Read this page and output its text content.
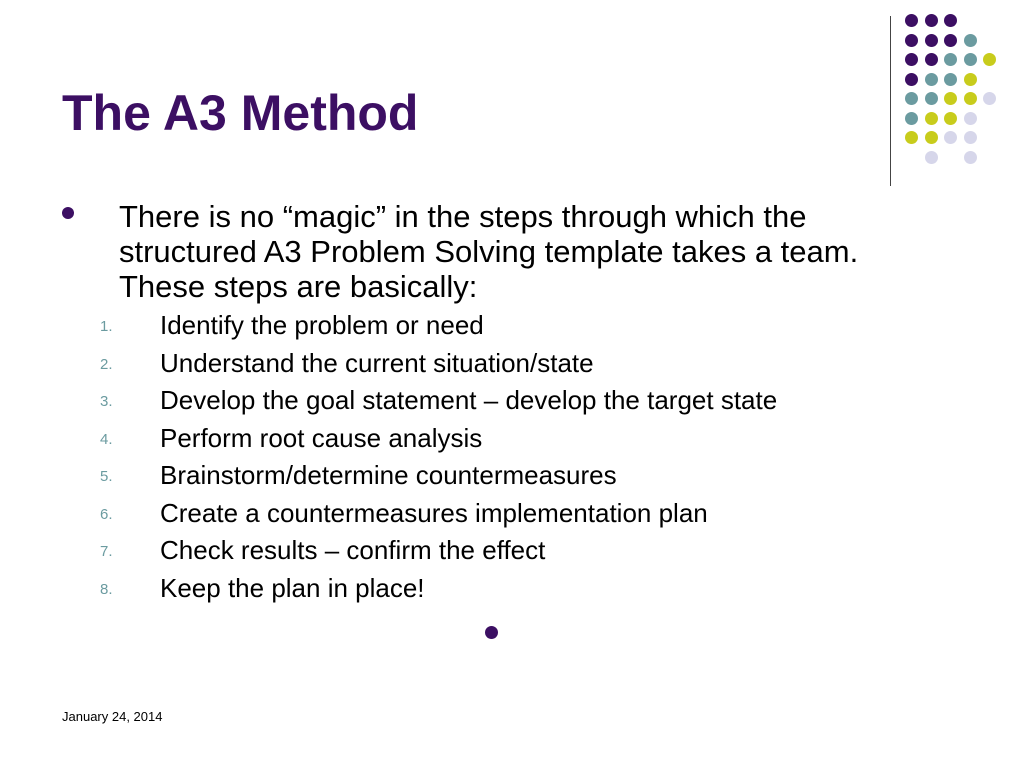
The A3 Method
There is no “magic” in the steps through which the structured A3 Problem Solving template takes a team. These steps are basically:
1. Identify the problem or need
2. Understand the current situation/state
3. Develop the goal statement – develop the target state
4. Perform root cause analysis
5. Brainstorm/determine countermeasures
6. Create a countermeasures implementation plan
7. Check results – confirm the effect
8. Keep the plan in place!
January 24, 2014
